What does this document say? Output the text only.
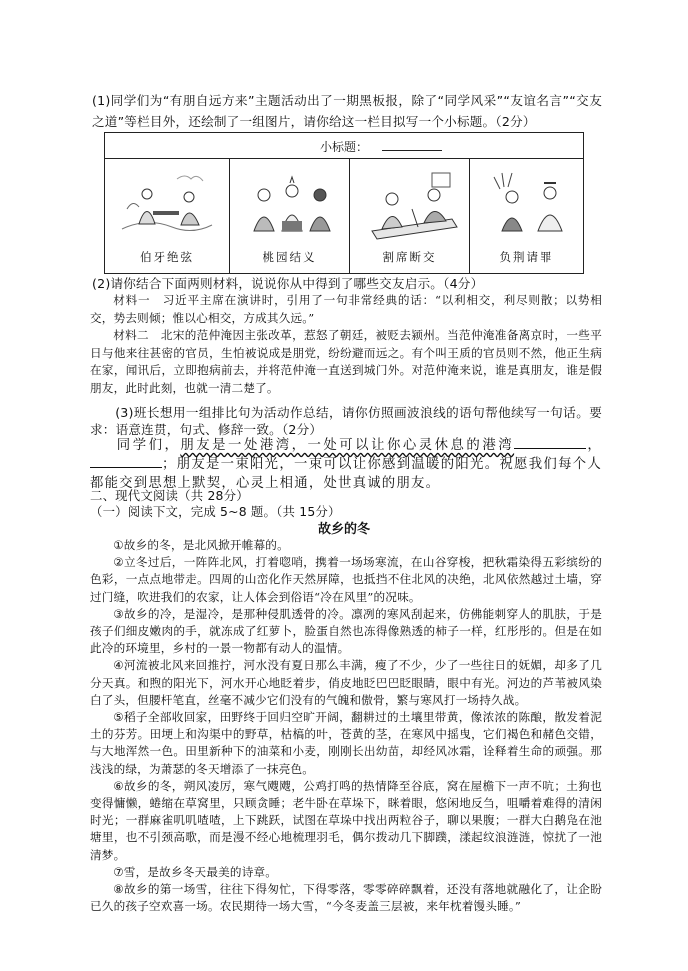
(1)同学们为“有朋自远方来”主题活动出了一期黑板报，除了“同学风采”“友谊名言”“交友之道”等栏目外，还绘制了一组图片，请你给这一栏目拟写一个小标题。（2分）
小标题：
伯牙绝弦	桃园结义	割席断交	负荆请罪
(2)请你结合下面两则材料，说说你从中得到了哪些交友启示。（4分）
材料一　习近平主席在演讲时，引用了一句非常经典的话：“以利相交，利尽则散；以势相交，势去则倾；惟以心相交，方成其久远。”
材料二　北宋的范仲淹因主张改革，惹怒了朝廷，被贬去颍州。当范仲淹准备离京时，一些平日与他来往甚密的官员，生怕被说成是朋党，纷纷避而远之。有个叫王质的官员则不然，他正生病在家，闻讯后，立即抱病前去，并将范仲淹一直送到城门外。对范仲淹来说，谁是真朋友，谁是假朋友，此时此刻，也就一清二楚了。
(3)班长想用一组排比句为活动作总结，请你仿照画波浪线的语句帮他续写一句话。要求：语意连贯，句式、修辞一致。（2分）
同学们，朋友是一处港湾，一处可以让你心灵休息的港湾	，；朋友是一束阳光，一束可以让你感到温暖的阳光。祝愿我们每个人都能交到思想上默契，心灵上相通，处世真诚的朋友。
二、现代文阅读（共 28分）
（一）阅读下文，完成 5~8 题。（共 15分）
故乡的冬
①故乡的冬，是北风掀开帷幕的。
②立冬过后，一阵阵北风，打着唿哨，携着一场场寒流，在山谷穿梭，把秋霜染得五彩缤纷的色彩，一点点地带走。四周的山峦化作天然屏障，也抵挡不住北风的决绝，北风依然越过土墙，穿过门缝，吹进我们的农家，让人体会到俗语“冷在风里”的况味。
③故乡的冷，是湿冷，是那种侵肌透骨的冷。凛冽的寒风刮起来，仿佛能刺穿人的肌肤，于是孩子们细皮嫩肉的手，就冻成了红萝卜，脸蛋自然也冻得像熟透的柿子一样，红彤彤的。但是在如此冷的环境里，乡村的一景一物都有动人的温情。
④河流被北风来回推拧，河水没有夏日那么丰满，瘦了不少，少了一些往日的妩媚，却多了几分天真。和煦的阳光下，河水开心地眨着步，俏皮地眨巴巴眨眼睛，眼中有光。河边的芦苇被风染白了头，但腰杆笔直，丝毫不减少它们没有的气魄和傲骨，繁与寒风打一场持久战。
⑤稻子全部收回家，田野终于回归空旷开阔，翻耕过的土壤里带黄，像浓浓的陈酿，散发着泥土的芬芳。田埂上和沟渠中的野草，枯槁的叶，苍黄的茎，在寒风中摇曳，它们褐色和赭色交错，与大地浑然一色。田里新种下的油菜和小麦，刚刚长出幼苗，却经风冰霜，诠释着生命的顽强。那浅浅的绿，为萧瑟的冬天增添了一抹亮色。
⑥故乡的冬，朔风凌厉，寒气飕飕，公鸡打鸣的热情降至谷底，窝在屋檐下一声不吭；土狗也变得慵懒，蜷缩在草窝里，只顾贪睡；老牛卧在草垛下，眯着眼，悠闲地反刍，咀嚼着难得的清闲时光；一群麻雀叽叽喳喳，上下跳跃，试图在草垛中找出两粒谷子，聊以果腹；一群大白鹅凫在池塘里，也不引颈高歌，而是漫不经心地梳理羽毛，偶尔拨动几下脚蹼，漾起纹浪涟涟，惊扰了一池清梦。
⑦雪，是故乡冬天最美的诗章。
⑧故乡的第一场雪，往往下得匆忙，下得零落，零零碎碎飘着，还没有落地就融化了，让企盼已久的孩子空欢喜一场。农民期待一场大雪，“今冬麦盖三层被，来年枕着馒头睡。”
